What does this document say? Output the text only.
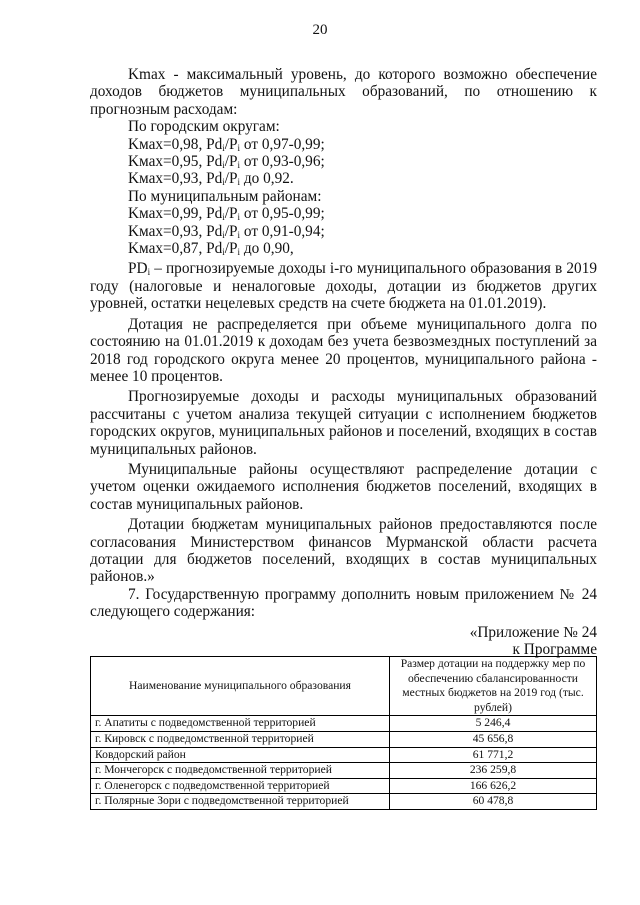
20

Kmax - максимальный уровень, до которого возможно обеспечение доходов бюджетов муниципальных образований, по отношению к прогнозным расходам:

По городским округам:

Kмах=0,98, $Pd_i/P_i$ от 0,97-0,99;

Kмах=0,95, $Pd_i/P_i$ от 0,93-0,96;

Kмах=0,93, $Pd_i/P_i$ до 0,92.

По муниципальным районам:

Kмах=0,99, $Pd_i/P_i$ от 0,95-0,99;

Kмах=0,93, $Pd_i/P_i$ от 0,91-0,94;

Kмах=0,87, $Pd_i/P_i$ до 0,90,

$PD_i$ – прогнозируемые доходы i-го муниципального образования в 2019 году (налоговые и неналоговые доходы, дотации из бюджетов других уровней, остатки нецелевых средств на счете бюджета на 01.01.2019).

Дотация не распределяется при объеме муниципального долга по состоянию на 01.01.2019 к доходам без учета безвозмездных поступлений за 2018 год городского округа менее 20 процентов, муниципального района - менее 10 процентов.

Прогнозируемые доходы и расходы муниципальных образований рассчитаны с учетом анализа текущей ситуации с исполнением бюджетов городских округов, муниципальных районов и поселений, входящих в состав муниципальных районов.

Муниципальные районы осуществляют распределение дотации с учетом оценки ожидаемого исполнения бюджетов поселений, входящих в состав муниципальных районов.

Дотации бюджетам муниципальных районов предоставляются после согласования Министерством финансов Мурманской области расчета дотации для бюджетов поселений, входящих в состав муниципальных районов.»

7. Государственную программу дополнить новым приложением № 24 следующего содержания:

«Приложение № 24

к Программе

Наименование муниципального образования	Размер дотации на поддержку мер по обеспечению сбалансированности местных бюджетов на 2019 год (тыс. рублей)
г. Апатиты с подведомственной территорией	5 246,4
г. Кировск с подведомственной территорией	45 656,8
Ковдорский район	61 771,2
г. Мончегорск с подведомственной территорией	236 259,8
г. Оленегорск с подведомственной территорией	166 626,2
г. Полярные Зори с подведомственной территорией	60 478,8
